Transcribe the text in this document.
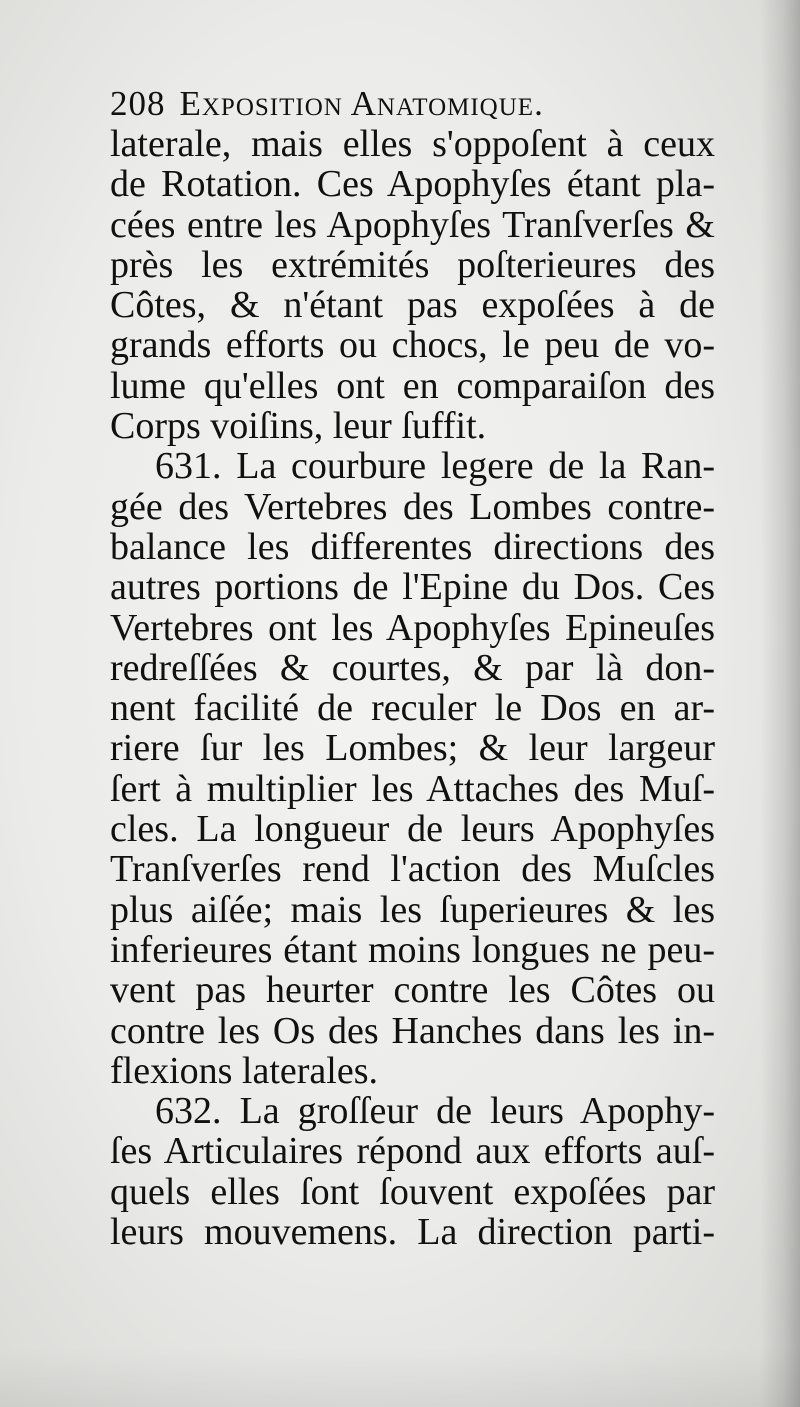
208 Exposition Anatomique.
laterale, mais elles s'oppoſent à ceux
de Rotation. Ces Apophyſes étant pla-
cées entre les Apophyſes Tranſverſes &
près les extrémités poſterieures des
Côtes, & n'étant pas expoſées à de
grands efforts ou chocs, le peu de vo-
lume qu'elles ont en comparaiſon des
Corps voiſins, leur ſuffit.
631. La courbure legere de la Ran-
gée des Vertebres des Lombes contre-
balance les differentes directions des
autres portions de l'Epine du Dos. Ces
Vertebres ont les Apophyſes Epineuſes
redreſſées & courtes, & par là don-
nent facilité de reculer le Dos en ar-
riere ſur les Lombes; & leur largeur
ſert à multiplier les Attaches des Muſ-
cles. La longueur de leurs Apophyſes
Tranſverſes rend l'action des Muſcles
plus aiſée; mais les ſuperieures & les
inferieures étant moins longues ne peu-
vent pas heurter contre les Côtes ou
contre les Os des Hanches dans les in-
flexions laterales.
632. La groſſeur de leurs Apophy-
ſes Articulaires répond aux efforts auſ-
quels elles ſont ſouvent expoſées par
leurs mouvemens. La direction parti-
